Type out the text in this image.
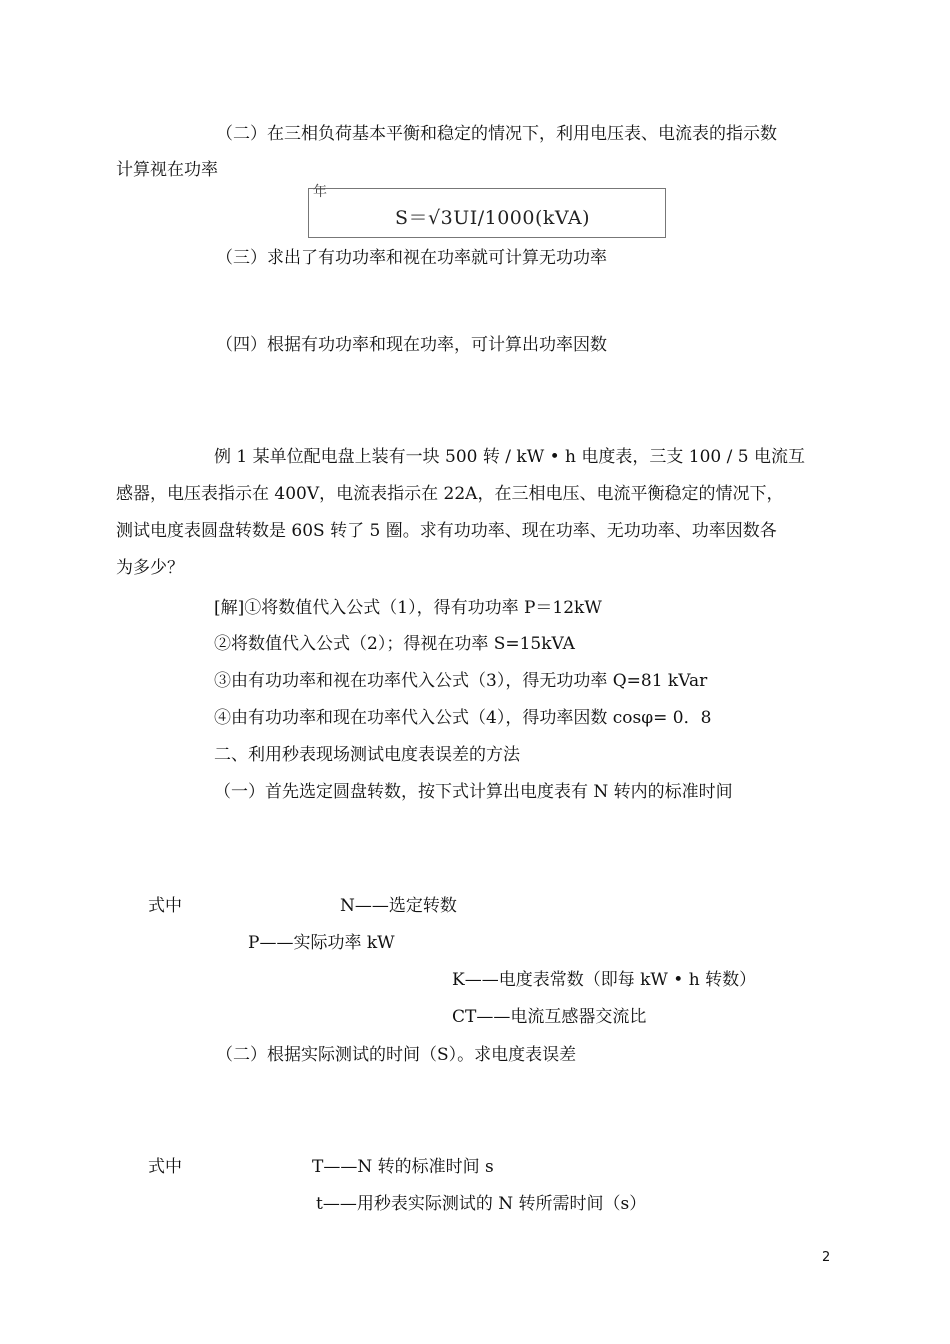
（二）在三相负荷基本平衡和稳定的情况下，利用电压表、电流表的指示数
计算视在功率
年
S＝√3UI/1000(kVA)
（三）求出了有功功率和视在功率就可计算无功功率
（四）根据有功功率和现在功率，可计算出功率因数
例 1 某单位配电盘上装有一块 500 转 / kW • h 电度表，三支 100 / 5 电流互
感器，电压表指示在 400V，电流表指示在 22A，在三相电压、电流平衡稳定的情况下，
测试电度表圆盘转数是 60S 转了 5 圈。求有功功率、现在功率、无功功率、功率因数各
为多少？
[解]①将数值代入公式（1），得有功功率 P＝12kW
②将数值代入公式（2）；得视在功率 S=15kVA
③由有功功率和视在功率代入公式（3），得无功功率 Q=81 kVar
④由有功功率和现在功率代入公式（4），得功率因数 cosφ= 0．8
二、利用秒表现场测试电度表误差的方法
（一）首先选定圆盘转数，按下式计算出电度表有 N 转内的标准时间
式中	N——选定转数
P——实际功率 kW
K——电度表常数（即每 kW • h 转数）
CT——电流互感器交流比
（二）根据实际测试的时间（S）。求电度表误差
式中	T——N 转的标准时间 s
t——用秒表实际测试的 N 转所需时间（s）
2
